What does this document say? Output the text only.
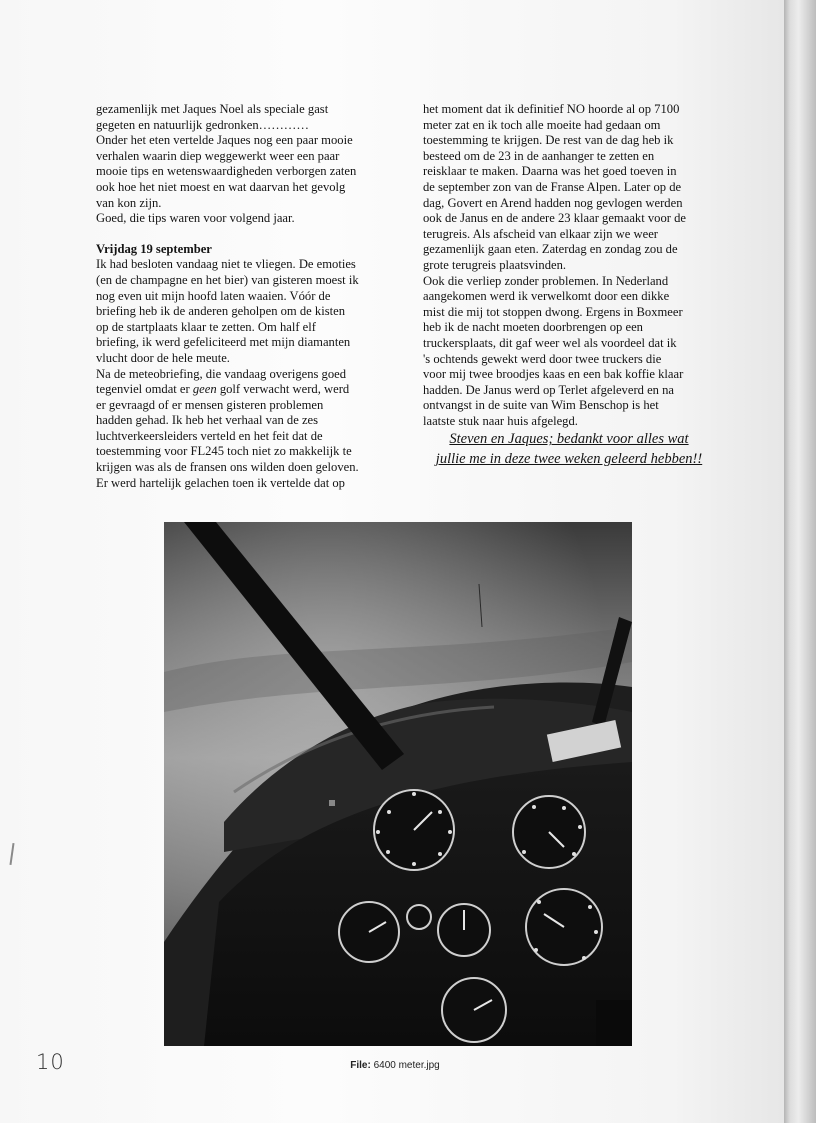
gezamenlijk met Jaques Noel als speciale gast

gegeten en natuurlijk gedronken…………

Onder het eten vertelde Jaques nog een paar mooie

verhalen waarin diep weggewerkt weer een paar

mooie tips en wetenswaardigheden verborgen zaten

ook hoe het niet moest en wat daarvan het gevolg

van kon zijn.

Goed, die tips waren voor volgend jaar.

Vrijdag 19 september

Ik had besloten vandaag niet te vliegen. De emoties

(en de champagne en het bier) van gisteren moest ik

nog even uit mijn hoofd laten waaien. Vóór de

briefing heb ik de anderen geholpen om de kisten

op de startplaats klaar te zetten. Om half elf

briefing, ik werd gefeliciteerd met mijn diamanten

vlucht door de hele meute.

Na de meteobriefing, die vandaag overigens goed

tegenviel omdat er geen golf verwacht werd, werd

er gevraagd of er mensen gisteren problemen

hadden gehad. Ik heb het verhaal van de zes

luchtverkeersleiders verteld en het feit dat de

toestemming voor FL245 toch niet zo makkelijk te

krijgen was als de fransen ons wilden doen geloven.

Er werd hartelijk gelachen toen ik vertelde dat op

het moment dat ik definitief NO hoorde al op 7100

meter zat en ik toch alle moeite had gedaan om

toestemming te krijgen. De rest van de dag heb ik

besteed om de 23 in de aanhanger te zetten en

reisklaar te maken. Daarna was het goed toeven in

de september zon van de Franse Alpen. Later op de

dag, Govert en Arend hadden nog gevlogen werden

ook de Janus en de andere 23 klaar gemaakt voor de

terugreis. Als afscheid van elkaar zijn we weer

gezamenlijk gaan eten. Zaterdag en zondag zou de

grote terugreis plaatsvinden.

Ook die verliep zonder problemen. In Nederland

aangekomen werd ik verwelkomt door een dikke

mist die mij tot stoppen dwong. Ergens in Boxmeer

heb ik de nacht moeten doorbrengen op een

truckersplaats, dit gaf weer wel als voordeel dat ik

's ochtends gewekt werd door twee truckers die

voor mij twee broodjes kaas en een bak koffie klaar

hadden. De Janus werd op Terlet afgeleverd en na

ontvangst in de suite van Wim Benschop is het

laatste stuk naar huis afgelegd.

Steven en Jaques; bedankt voor alles wat jullie me in deze twee weken geleerd hebben!!

File: 6400 meter.jpg
10
